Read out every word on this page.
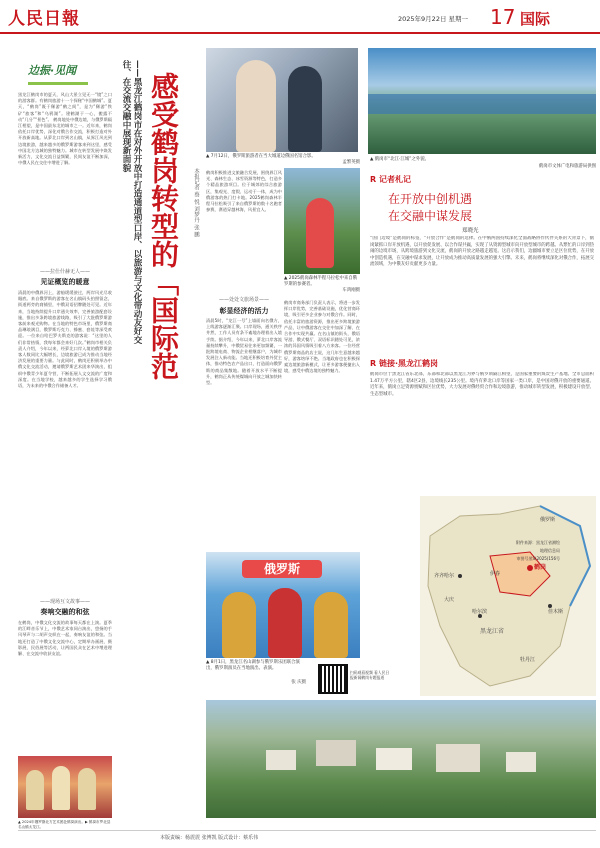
人民日報	2025年9月22日 星期一 17 国际
边振·见闻
黑龙江鹤岗市的夏天，风山大景立见无一“镜”之口的游客群。有鹤岗旅游十一个探秘“中国鹤城”。夏天，“鹤岗”既于稀游“鹤之间”，是为“稀游”铁矿“旅客”和“乌鸦湖”。建鹤湖于一心，搬露不动“几分”“景色”。 鹤岗地处中俄边境，与俄罗斯隔江相望，是中国最东北的城市之一。近年来，鹤岗依托口岸优势，深化对俄合作交流，积极打造对外开放新高地。从萝北口岸到名山镇，从界江风光到边境旅游，越来越多的俄罗斯游客来到这里，感受中国北方边城的独特魅力。城市在转型发展中焕发新活力，文化交流日益频繁，民间友谊不断加深，中俄人民在交往中增进了解。
——拉仕什赫无人——
见证概览的暖意
清晨的中俄界河上，游船缓缓驶过，两岸风光尽收眼底。来自俄罗斯的游客在名山镇码头拍照留念，街道两旁的商铺里，中俄双语招牌随处可见。近年来，当地持续提升口岸通关效率，完善旅游配套设施，推出多条跨境旅游线路，吸引了大批俄罗斯游客前来观光购物。在当地的特色市场里，俄罗斯商品琳琅满目，俄罗斯巧克力、蜂蜜、套娃等深受欢迎。一位来自哈巴罗夫斯克的游客说：“这里的人们非常热情，我每年都会来好几次。”鹤岗市相关负责人介绍，今年以来，经萝北口岸入境的俄罗斯游客人数同比大幅增长，边境旅游已成为推动当地经济发展的重要力量。与此同时，鹤岗还积极举办中俄文化交流活动，邀请俄罗斯艺术团来华演出，组织中俄青少年夏令营，不断拓展人文交流的广度和深度。在当地学校，越来越多的学生选择学习俄语，为未来的中俄合作储备人才。
——现场互文故事——
奏响交融的和弦
在鹤岗，中俄文化交流的故事每天都在上演。夏季的江畔音乐节上，中俄艺术家同台演出，悠扬的手风琴声与二胡声交织在一起，奏响友谊的和弦。当地还打造了中俄文化交流中心，定期举办画展、摄影展、民俗展等活动，让两国民众在艺术中增进理解、在交流中收获友谊。
▲ 2024年俄罗斯北方艺术团赴鹤岗演出。▶ 鹤岗市罗北县名山镇太龙江。
——黑龙江鹤岗市在对外开放中打造通道型口岸、以旅游与文化带动友好交往、在交流交融中展现新面貌 感受鹤岗转型的「国际范
本报记者 蔡 悦 刘梦丹 张 鹏
▲ 7月12日，俄罗斯旅游者在当大城道边俄国名馆合影。
孟繁英摄
鹤岗积极推进文旅融合发展，围绕界江风光、森林生态、冰雪资源等特色，打造多个精品旅游项目。位于城郊的综合旅游区，集观光、度假、运动于一体，成为中俄游客的热门打卡地。2025鹤岗森林半程马拉松吸引了来自俄罗斯的数十名跑者参赛，赛道穿越林海，风景宜人。
▲ 2025鹤岗森林半程马拉松中来自俄罗斯的参赛者。
车鸿刚摄
——处处文旅场景——
彰显经济的活力
清晨5时，“龙江一号”上墙面向名俄方，上线游客逐渐汇聚。口岸现场，通关秩序井然，工作人员有条不紊地办理着出入境手续。据介绍，今年以来，萝北口岸客流量持续攀升，中俄贸易往来更加频繁，一批跨境电商、物流企业相继落户，为城市发展注入新动能。当地还积极培育外贸主体，推动特色农产品出口，打造面向俄罗斯的商品集散地。随着开放水平不断提升，鹤岗正从传统煤城向开放之城加快转型。
鹤岗市商务部门负责人表示，将进一步发挥口岸优势，完善基础设施，优化营商环境，吸引更多企业参与对俄合作。同时，依托丰富的旅游资源，推出更多跨境旅游产品，让中俄游客在交往中加深了解、在合作中实现共赢。在名山镇的街头，俄语导游、俄式餐厅、双语标识随处可见，浓浓的异国风情吸引着八方来客。一位经营俄罗斯商品的店主说，这几年生意越来越好，游客络绎不绝。当地政府也在积极探索边境旅游新模式，让更多游客便捷出入境，感受中俄边境的独特魅力。
俄罗斯
▲ 8月1日，黑龙江名山湖参与俄罗斯乐团联合演出，俄罗斯演员在当地演出、表演。
张 庆摄
扫码观看视频 看人民日报新闻鹤岗专题报道
▲ 鹤岗市“北江·江城”之外貌。
鹤岗市文体广电和旅游局供图
R 记者札记
在开放中创机遇
在交融中谋发展
郑晓光
“国门边境”是鹤岗的标签，“开放合作”是鹤岗的选择。在中俄两国持续深化全面战略协作伙伴关系的大背景下，鹤岗紧抓口岸开放机遇，以开放促发展、以合作谋共赢，实现了从资源型城市向开放型城市的跨越。从繁忙的口岸到热闹的边境市场，从跨境旅游到文化交流，鹤岗的开放之路越走越宽。这启示我们，边疆城市要立足区位优势，在开放中创造机遇，在交融中谋求发展，让开放成为推动高质量发展的强大引擎。未来，鹤岗将继续深化对俄合作，拓展交流领域，为中俄友好贡献更多力量。
R 链接·黑龙江鹤岗
鹤岗市位于黑龙江省东北部，东部和北部以黑龙江为界与俄罗斯隔江相望，是国家重要的煤炭生产基地。全市总面积1.47万平方公里，辖4区2县，边境线长235公里。境内有萝北口岸等国家一类口岸，是中国对俄开放的重要通道。近年来，鹤岗立足资源禀赋和区位优势，大力发展对俄经贸合作和边境旅游，推动城市转型发展，积极建设开放型、生态型城市。
黑龙江省
伊春
鹤岗
佳木斯
哈尔滨
俄罗斯
牡丹江
大庆
齐齐哈尔
附件来源：黑龙江省测绘
地理信息局
审图号黑S(2025)156号
本版责编：杨震震 张博凯 版式设计：蔡乐伟
